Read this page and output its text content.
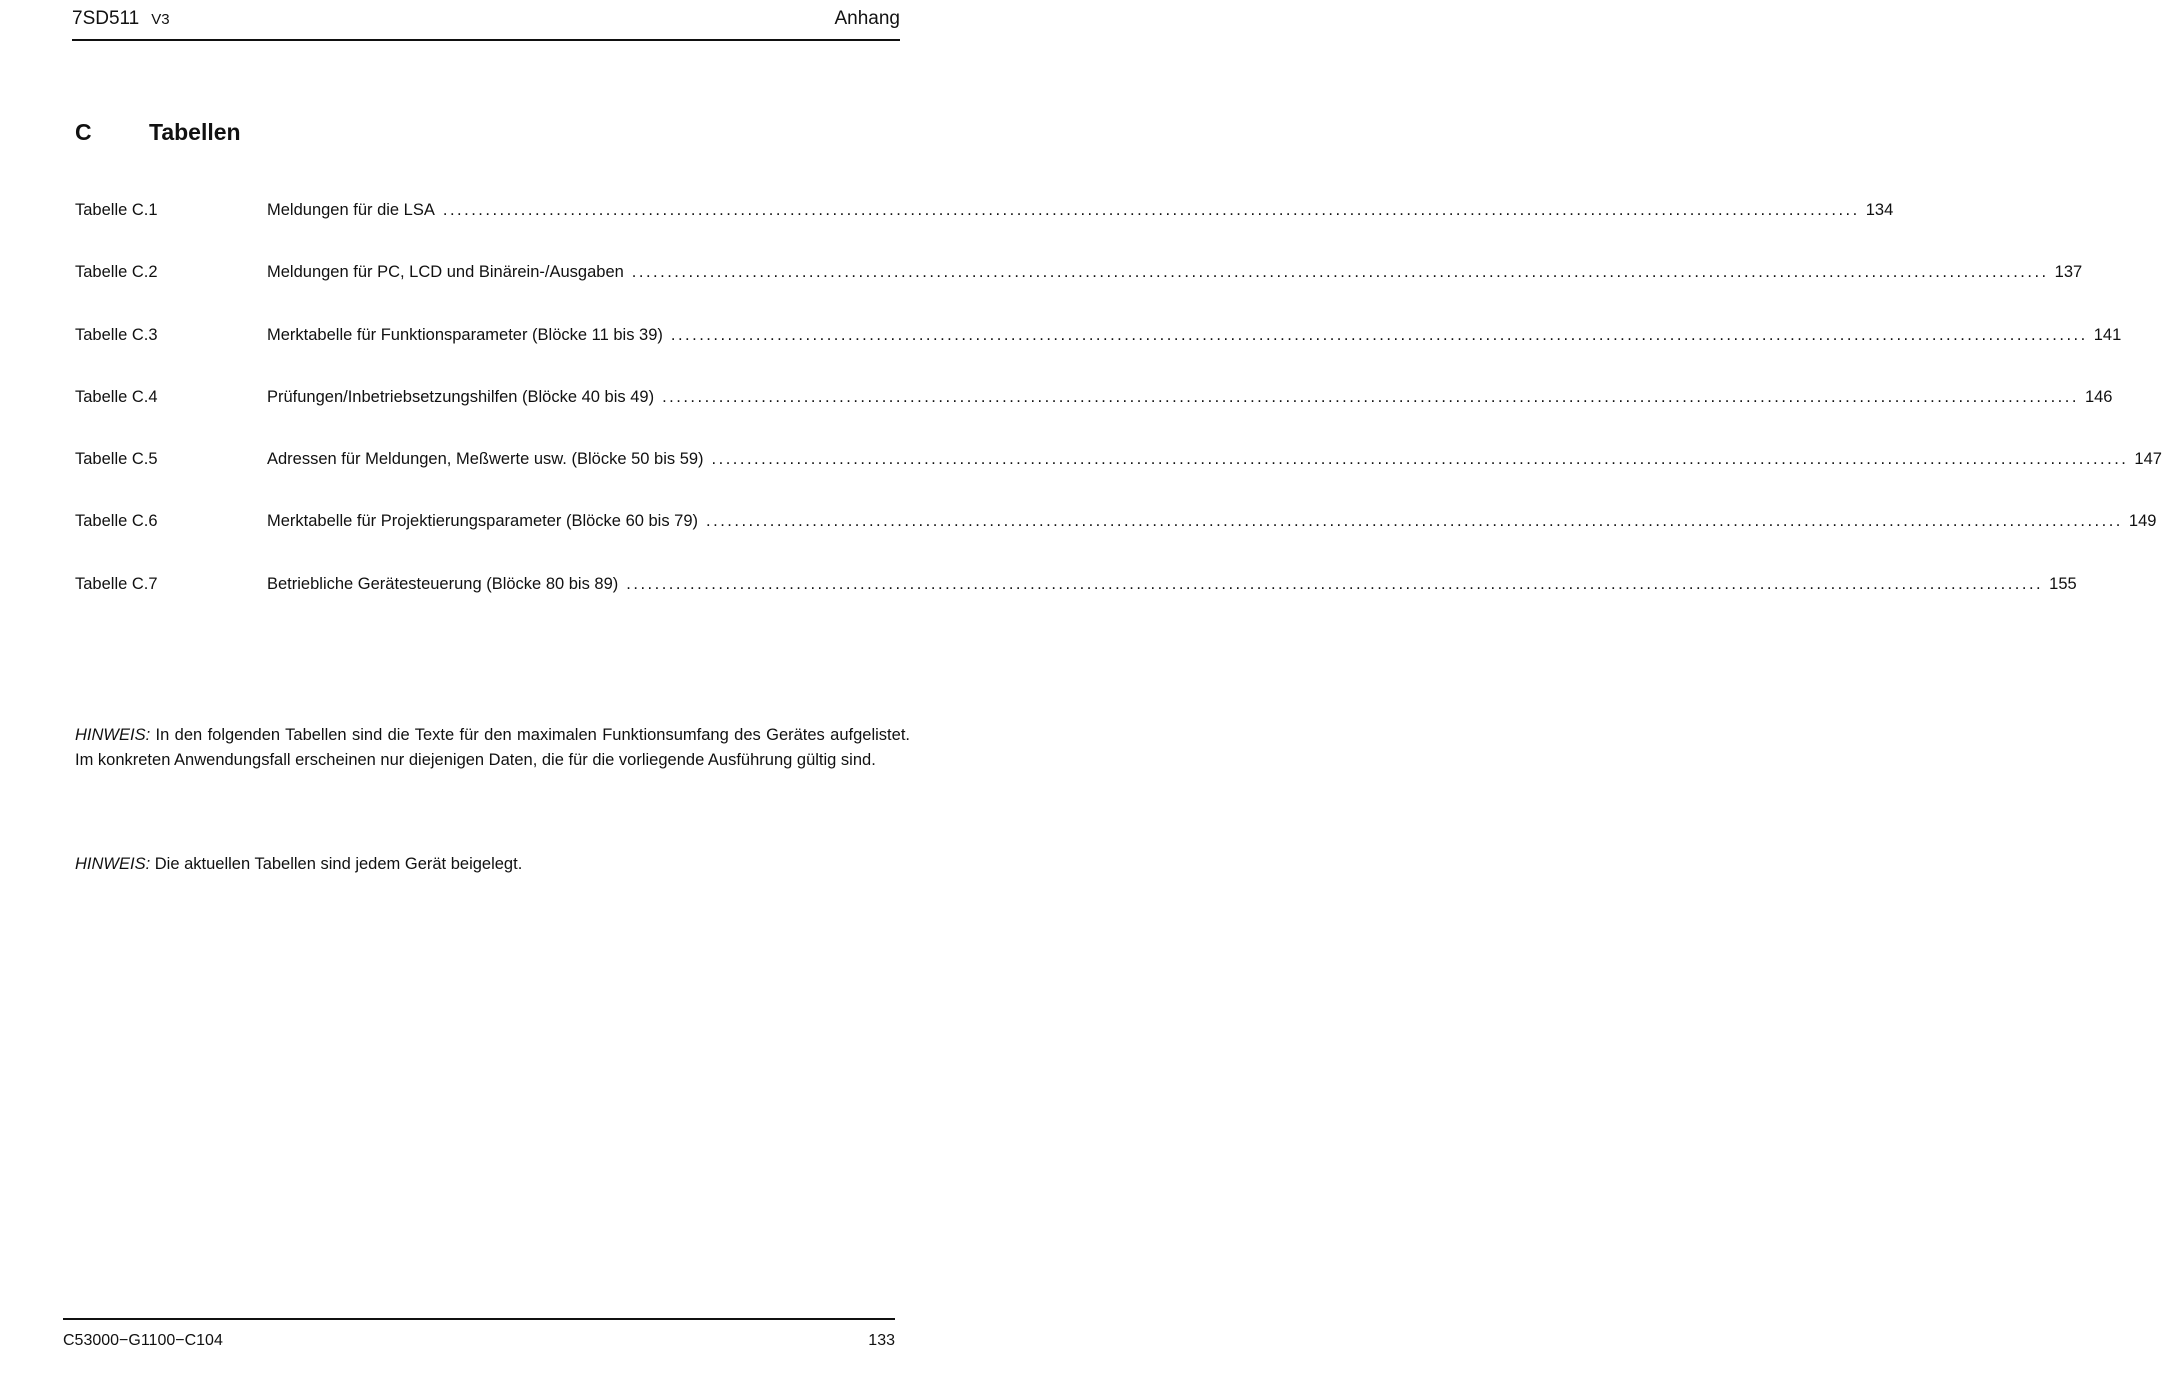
7SD511 V3	Anhang
C Tabellen
Tabelle C.1	Meldungen für die LSA ........................................................................................................................................................................................................ 134
Tabelle C.2	Meldungen für PC, LCD und Binärein-/Ausgaben ........................................................................................................................................................................................................ 137
Tabelle C.3	Merktabelle für Funktionsparameter (Blöcke 11 bis 39) ........................................................................................................................................................................................................ 141
Tabelle C.4	Prüfungen/Inbetriebsetzungshilfen (Blöcke 40 bis 49) ........................................................................................................................................................................................................ 146
Tabelle C.5	Adressen für Meldungen, Meßwerte usw. (Blöcke 50 bis 59) ........................................................................................................................................................................................................ 147
Tabelle C.6	Merktabelle für Projektierungsparameter (Blöcke 60 bis 79) ........................................................................................................................................................................................................ 149
Tabelle C.7	Betriebliche Gerätesteuerung (Blöcke 80 bis 89) ........................................................................................................................................................................................................ 155

HINWEIS: In den folgenden Tabellen sind die Texte für den maximalen Funktionsumfang des Gerätes aufgelistet. Im konkreten Anwendungsfall erscheinen nur diejenigen Daten, die für die vorliegende Ausführung gültig sind.

HINWEIS: Die aktuellen Tabellen sind jedem Gerät beigelegt.

C53000−G1100−C104	133
